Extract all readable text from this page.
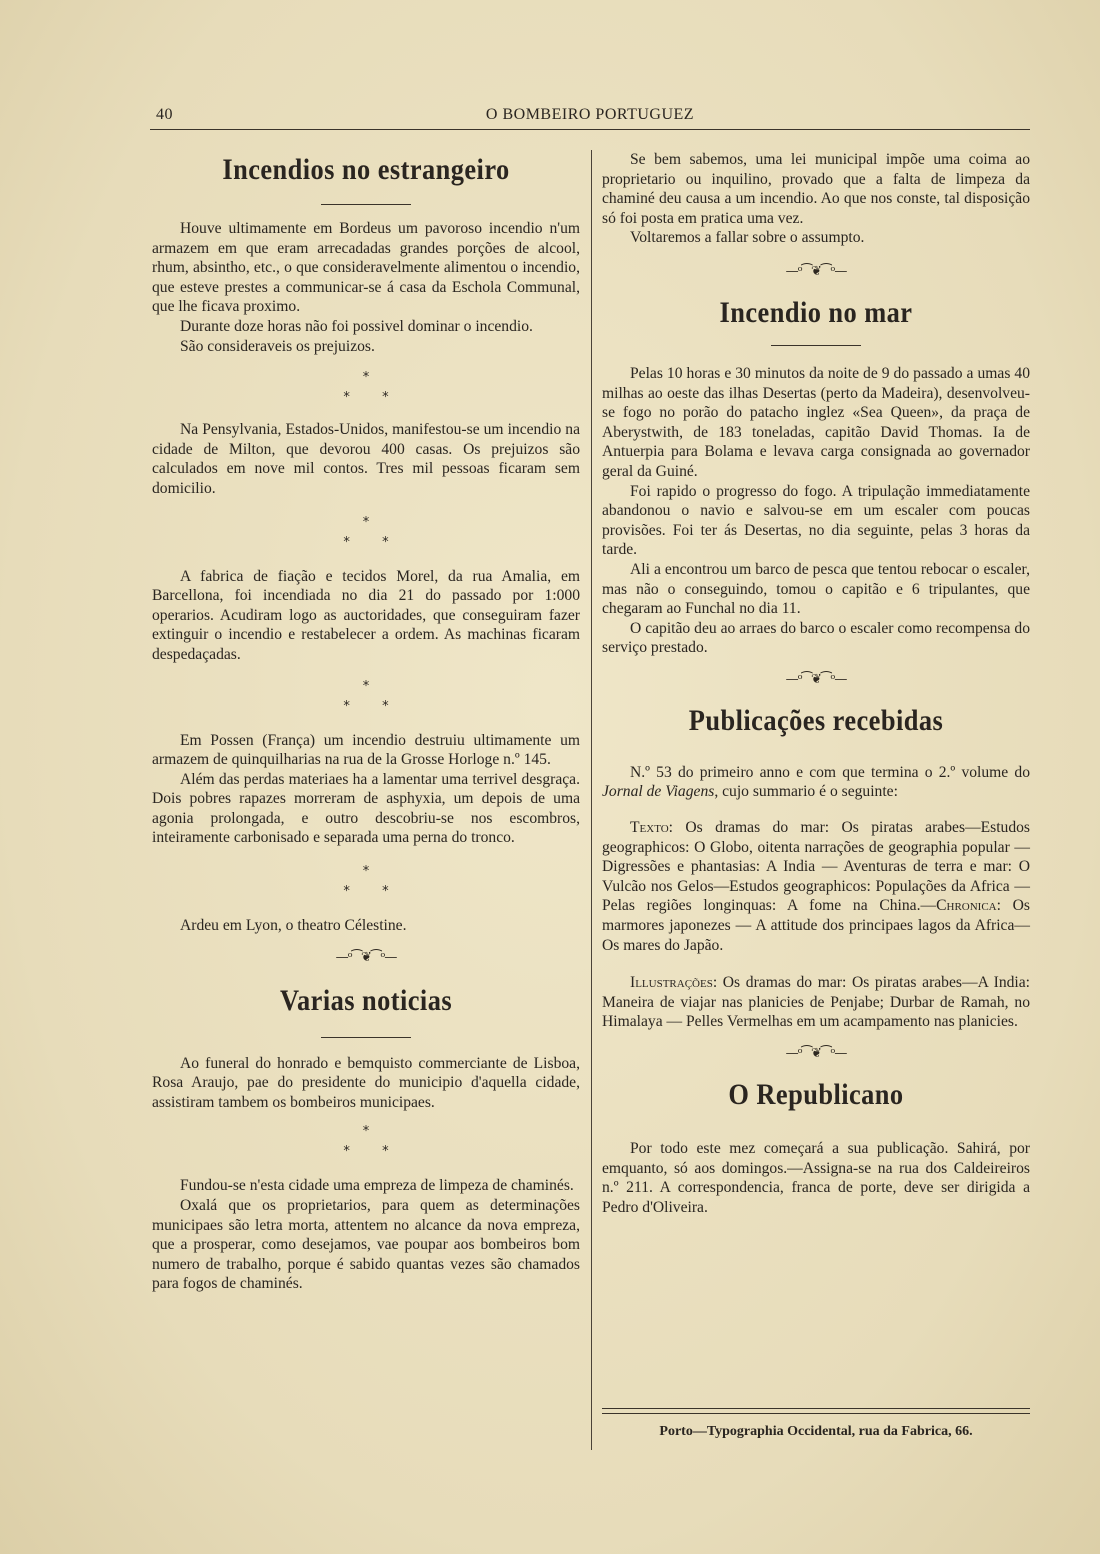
40	O BOMBEIRO PORTUGUEZ
Incendios no estrangeiro

Houve ultimamente em Bordeus um pavoroso incendio n'um armazem em que eram arrecadadas grandes porções de alcool, rhum, absintho, etc., o que consideravelmente alimentou o incendio, que esteve prestes a communicar-se á casa da Eschola Communal, que lhe ficava proximo.

Durante doze horas não foi possivel dominar o incendio.

São consideraveis os prejuizos.

*
* *

Na Pensylvania, Estados-Unidos, manifestou-se um incendio na cidade de Milton, que devorou 400 casas. Os prejuizos são calculados em nove mil contos. Tres mil pessoas ficaram sem domicilio.

*
* *

A fabrica de fiação e tecidos Morel, da rua Amalia, em Barcellona, foi incendiada no dia 21 do passado por 1:000 operarios. Acudiram logo as auctoridades, que conseguiram fazer extinguir o incendio e restabelecer a ordem. As machinas ficaram despedaçadas.

*
* *

Em Possen (França) um incendio destruiu ultimamente um armazem de quinquilharias na rua de la Grosse Horloge n.º 145.

Além das perdas materiaes ha a lamentar uma terrivel desgraça. Dois pobres rapazes morreram de asphyxia, um depois de uma agonia prolongada, e outro descobriu-se nos escombros, inteiramente carbonisado e separada uma perna do tronco.

*
* *

Ardeu em Lyon, o theatro Célestine.

—ᵒ⁀❦⁀ᵒ—
Varias noticias

Ao funeral do honrado e bemquisto commerciante de Lisboa, Rosa Araujo, pae do presidente do municipio d'aquella cidade, assistiram tambem os bombeiros municipaes.

*
* *

Fundou-se n'esta cidade uma empreza de limpeza de chaminés.

Oxalá que os proprietarios, para quem as determinações municipaes são letra morta, attentem no alcance da nova empreza, que a prosperar, como desejamos, vae poupar aos bombeiros bom numero de trabalho, porque é sabido quantas vezes são chamados para fogos de chaminés.

Se bem sabemos, uma lei municipal impõe uma coima ao proprietario ou inquilino, provado que a falta de limpeza da chaminé deu causa a um incendio. Ao que nos conste, tal disposição só foi posta em pratica uma vez.

Voltaremos a fallar sobre o assumpto.

—ᵒ⁀❦⁀ᵒ—
Incendio no mar

Pelas 10 horas e 30 minutos da noite de 9 do passado a umas 40 milhas ao oeste das ilhas Desertas (perto da Madeira), desenvolveu-se fogo no porão do patacho inglez «Sea Queen», da praça de Aberystwith, de 183 toneladas, capitão David Thomas. Ia de Antuerpia para Bolama e levava carga consignada ao governador geral da Guiné.

Foi rapido o progresso do fogo. A tripulação immediatamente abandonou o navio e salvou-se em um escaler com poucas provisões. Foi ter ás Desertas, no dia seguinte, pelas 3 horas da tarde.

Ali a encontrou um barco de pesca que tentou rebocar o escaler, mas não o conseguindo, tomou o capitão e 6 tripulantes, que chegaram ao Funchal no dia 11.

O capitão deu ao arraes do barco o escaler como recompensa do serviço prestado.

—ᵒ⁀❦⁀ᵒ—
Publicações recebidas

N.º 53 do primeiro anno e com que termina o 2.º volume do Jornal de Viagens, cujo summario é o seguinte:

Texto: Os dramas do mar: Os piratas arabes—Estudos geographicos: O Globo, oitenta narrações de geographia popular —Digressões e phantasias: A India — Aventuras de terra e mar: O Vulcão nos Gelos—Estudos geographicos: Populações da Africa — Pelas regiões longinquas: A fome na China.—Chronica: Os marmores japonezes — A attitude dos principaes lagos da Africa—Os mares do Japão.

Illustrações: Os dramas do mar: Os piratas arabes—A India: Maneira de viajar nas planicies de Penjabe; Durbar de Ramah, no Himalaya — Pelles Vermelhas em um acampamento nas planicies.

—ᵒ⁀❦⁀ᵒ—
O Republicano

Por todo este mez começará a sua publicação. Sahirá, por emquanto, só aos domingos.—Assigna-se na rua dos Caldeireiros n.º 211. A correspondencia, franca de porte, deve ser dirigida a Pedro d'Oliveira.

Porto—Typographia Occidental, rua da Fabrica, 66.
